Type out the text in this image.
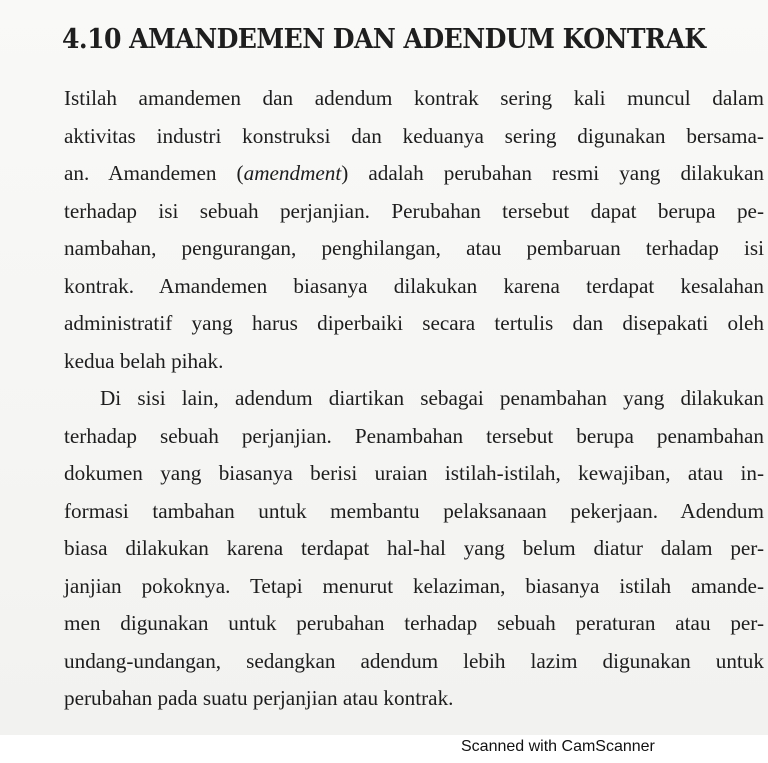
4.10 AMANDEMEN DAN ADENDUM KONTRAK
Istilah amandemen dan adendum kontrak sering kali muncul dalam
aktivitas industri konstruksi dan keduanya sering digunakan bersama-
an. Amandemen (amendment) adalah perubahan resmi yang dilakukan
terhadap isi sebuah perjanjian. Perubahan tersebut dapat berupa pe-
nambahan, pengurangan, penghilangan, atau pembaruan terhadap isi
kontrak. Amandemen biasanya dilakukan karena terdapat kesalahan
administratif yang harus diperbaiki secara tertulis dan disepakati oleh
kedua belah pihak.
Di sisi lain, adendum diartikan sebagai penambahan yang dilakukan
terhadap sebuah perjanjian. Penambahan tersebut berupa penambahan
dokumen yang biasanya berisi uraian istilah-istilah, kewajiban, atau in-
formasi tambahan untuk membantu pelaksanaan pekerjaan. Adendum
biasa dilakukan karena terdapat hal-hal yang belum diatur dalam per-
janjian pokoknya. Tetapi menurut kelaziman, biasanya istilah amande-
men digunakan untuk perubahan terhadap sebuah peraturan atau per-
undang-undangan, sedangkan adendum lebih lazim digunakan untuk
perubahan pada suatu perjanjian atau kontrak.
Scanned with CamScanner
